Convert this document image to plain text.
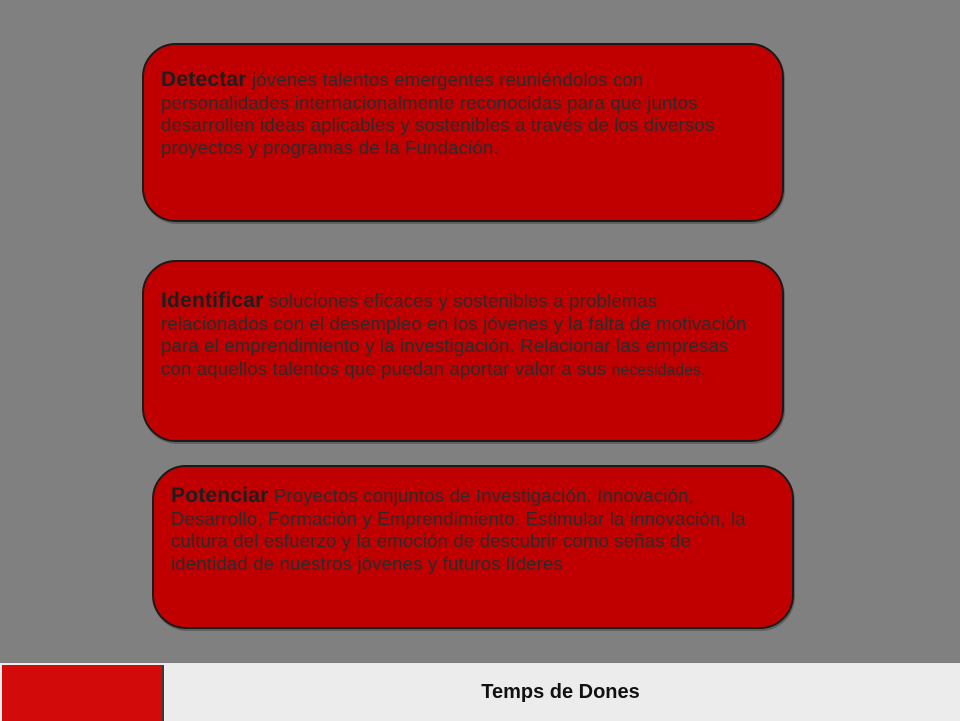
Detectar jóvenes talentos emergentes reuniéndolos con personalidades internacionalmente reconocidas para que juntos desarrollen ideas aplicables y sostenibles a través de los diversos proyectos y programas de la Fundación.
Identificar soluciones eficaces y sostenibles a problemas relacionados con el desempleo en los jóvenes y la falta de motivación para el emprendimiento y la investigación. Relacionar las empresas con aquellos talentos que puedan aportar valor a sus necesidades.
Potenciar Proyectos conjuntos de Investigación, Innovación, Desarrollo, Formación y Emprendimiento. Estimular la innovación, la cultura del esfuerzo y la emoción de descubrir como señas de identidad de nuestros jóvenes y futuros líderes
Temps de Dones
